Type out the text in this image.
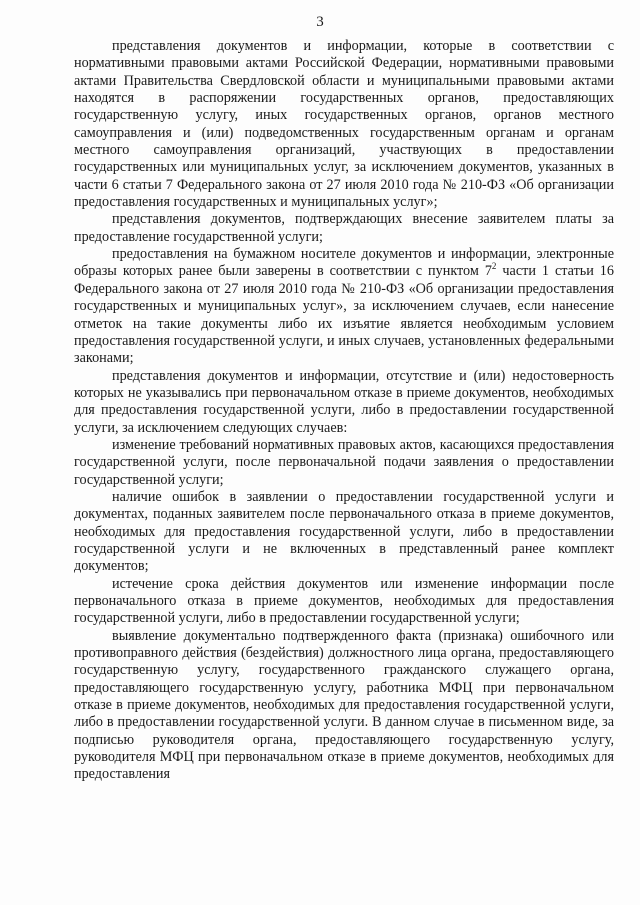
3

представления документов и информации, которые в соответствии с нормативными правовыми актами Российской Федерации, нормативными правовыми актами Правительства Свердловской области и муниципальными правовыми актами находятся в распоряжении государственных органов, предоставляющих государственную услугу, иных государственных органов, органов местного самоуправления и (или) подведомственных государственным органам и органам местного самоуправления организаций, участвующих в предоставлении государственных или муниципальных услуг, за исключением документов, указанных в части 6 статьи 7 Федерального закона от 27 июля 2010 года № 210-ФЗ «Об организации предоставления государственных и муниципальных услуг»;

представления документов, подтверждающих внесение заявителем платы за предоставление государственной услуги;

предоставления на бумажном носителе документов и информации, электронные образы которых ранее были заверены в соответствии с пунктом $7^2$ части 1 статьи 16 Федерального закона от 27 июля 2010 года № 210-ФЗ «Об организации предоставления государственных и муниципальных услуг», за исключением случаев, если нанесение отметок на такие документы либо их изъятие является необходимым условием предоставления государственной услуги, и иных случаев, установленных федеральными законами;

представления документов и информации, отсутствие и (или) недостоверность которых не указывались при первоначальном отказе в приеме документов, необходимых для предоставления государственной услуги, либо в предоставлении государственной услуги, за исключением следующих случаев:

изменение требований нормативных правовых актов, касающихся предоставления государственной услуги, после первоначальной подачи заявления о предоставлении государственной услуги;

наличие ошибок в заявлении о предоставлении государственной услуги и документах, поданных заявителем после первоначального отказа в приеме документов, необходимых для предоставления государственной услуги, либо в предоставлении государственной услуги и не включенных в представленный ранее комплект документов;

истечение срока действия документов или изменение информации после первоначального отказа в приеме документов, необходимых для предоставления государственной услуги, либо в предоставлении государственной услуги;

выявление документально подтвержденного факта (признака) ошибочного или противоправного действия (бездействия) должностного лица органа, предоставляющего государственную услугу, государственного гражданского служащего органа, предоставляющего государственную услугу, работника МФЦ при первоначальном отказе в приеме документов, необходимых для предоставления государственной услуги, либо в предоставлении государственной услуги. В данном случае в письменном виде, за подписью руководителя органа, предоставляющего государственную услугу, руководителя МФЦ при первоначальном отказе в приеме документов, необходимых для предоставления
